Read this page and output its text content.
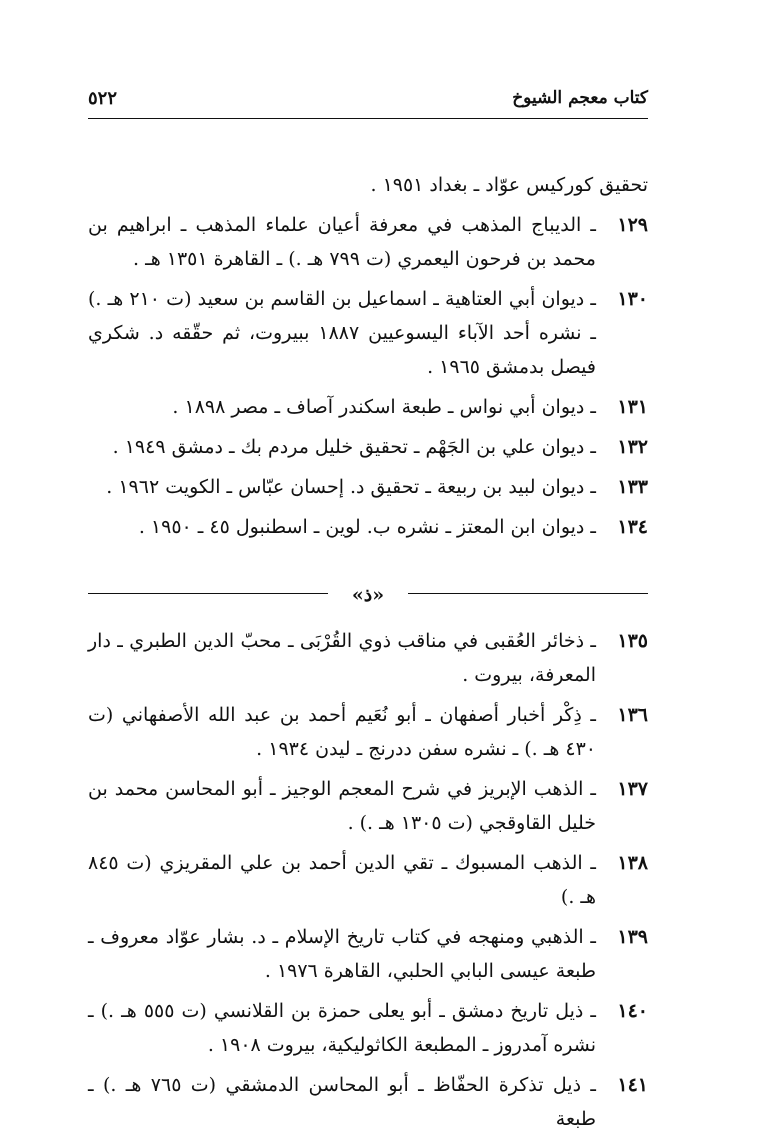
كتاب معجم الشيوخ
٥٢٢

تحقيق كوركيس عوّاد ـ بغداد ١٩٥١ .

١٢٩

ـ الديباج المذهب في معرفة أعيان علماء المذهب ـ ابراهيم بن محمد بن فرحون اليعمري (ت ٧٩٩ هـ .) ـ القاهرة ١٣٥١ هـ .

١٣٠

ـ ديوان أبي العتاهية ـ اسماعيل بن القاسم بن سعيد (ت ٢١٠ هـ .) ـ نشره أحد الآباء اليسوعيين ١٨٨٧ ببيروت، ثم حقّقه د. شكري فيصل بدمشق ١٩٦٥ .

١٣١

ـ ديوان أبي نواس ـ طبعة اسكندر آصاف ـ مصر ١٨٩٨ .

١٣٢

ـ ديوان علي بن الجَهْم ـ تحقيق خليل مردم بك ـ دمشق ١٩٤٩ .

١٣٣

ـ ديوان لبيد بن ربيعة ـ تحقيق د. إحسان عبّاس ـ الكويت ١٩٦٢ .

١٣٤

ـ ديوان ابن المعتز ـ نشره ب. لوين ـ اسطنبول ٤٥ ـ ١٩٥٠ .

«ذ»
١٣٥

ـ ذخائر العُقبى في مناقب ذوي القُرْبَى ـ محبّ الدين الطبري ـ دار المعرفة، بيروت .

١٣٦

ـ ذِكْر أخبار أصفهان ـ أبو نُعَيم أحمد بن عبد الله الأصفهاني (ت ٤٣٠ هـ .) ـ نشره سفن ددرنج ـ ليدن ١٩٣٤ .

١٣٧

ـ الذهب الإبريز في شرح المعجم الوجيز ـ أبو المحاسن محمد بن خليل القاوقجي (ت ١٣٠٥ هـ .) .

١٣٨

ـ الذهب المسبوك ـ تقي الدين أحمد بن علي المقريزي (ت ٨٤٥ هـ .)

١٣٩

ـ الذهبي ومنهجه في كتاب تاريخ الإسلام ـ د. بشار عوّاد معروف ـ طبعة عيسى البابي الحلبي، القاهرة ١٩٧٦ .

١٤٠

ـ ذيل تاريخ دمشق ـ أبو يعلى حمزة بن القلانسي (ت ٥٥٥ هـ .) ـ نشره آمدروز ـ المطبعة الكاثوليكية، بيروت ١٩٠٨ .

١٤١

ـ ذيل تذكرة الحفّاظ ـ أبو المحاسن الدمشقي (ت ٧٦٥ هـ .) ـ طبعة
